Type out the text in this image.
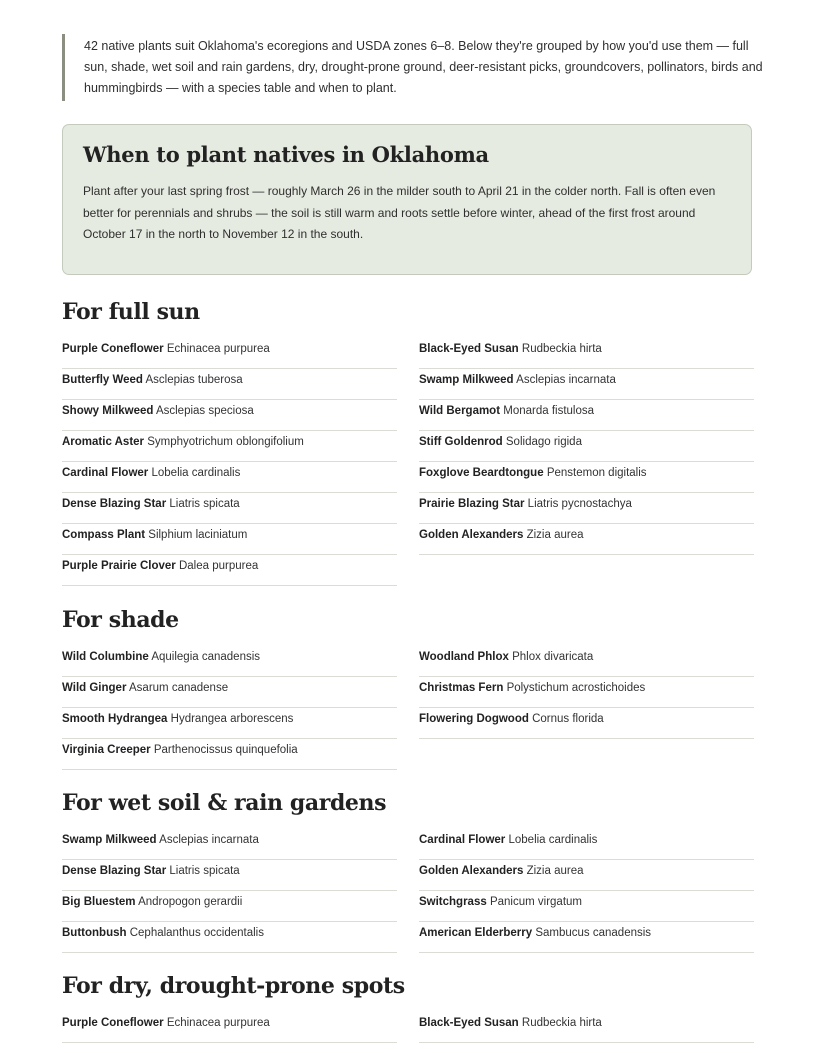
42 native plants suit Oklahoma's ecoregions and USDA zones 6–8. Below they're grouped by how you'd use them — full sun, shade, wet soil and rain gardens, dry, drought-prone ground, deer-resistant picks, groundcovers, pollinators, birds and hummingbirds — with a species table and when to plant.
When to plant natives in Oklahoma

Plant after your last spring frost — roughly March 26 in the milder south to April 21 in the colder north. Fall is often even better for perennials and shrubs — the soil is still warm and roots settle before winter, ahead of the first frost around October 17 in the north to November 12 in the south.

For full sun
Purple Coneflower Echinacea purpurea	Black-Eyed Susan Rudbeckia hirta
Butterfly Weed Asclepias tuberosa	Swamp Milkweed Asclepias incarnata
Showy Milkweed Asclepias speciosa	Wild Bergamot Monarda fistulosa
Aromatic Aster Symphyotrichum oblongifolium	Stiff Goldenrod Solidago rigida
Cardinal Flower Lobelia cardinalis	Foxglove Beardtongue Penstemon digitalis
Dense Blazing Star Liatris spicata	Prairie Blazing Star Liatris pycnostachya
Compass Plant Silphium laciniatum	Golden Alexanders Zizia aurea
Purple Prairie Clover Dalea purpurea
For shade
Wild Columbine Aquilegia canadensis	Woodland Phlox Phlox divaricata
Wild Ginger Asarum canadense	Christmas Fern Polystichum acrostichoides
Smooth Hydrangea Hydrangea arborescens	Flowering Dogwood Cornus florida
Virginia Creeper Parthenocissus quinquefolia
For wet soil & rain gardens
Swamp Milkweed Asclepias incarnata	Cardinal Flower Lobelia cardinalis
Dense Blazing Star Liatris spicata	Golden Alexanders Zizia aurea
Big Bluestem Andropogon gerardii	Switchgrass Panicum virgatum
Buttonbush Cephalanthus occidentalis	American Elderberry Sambucus canadensis
For dry, drought-prone spots
Purple Coneflower Echinacea purpurea	Black-Eyed Susan Rudbeckia hirta
